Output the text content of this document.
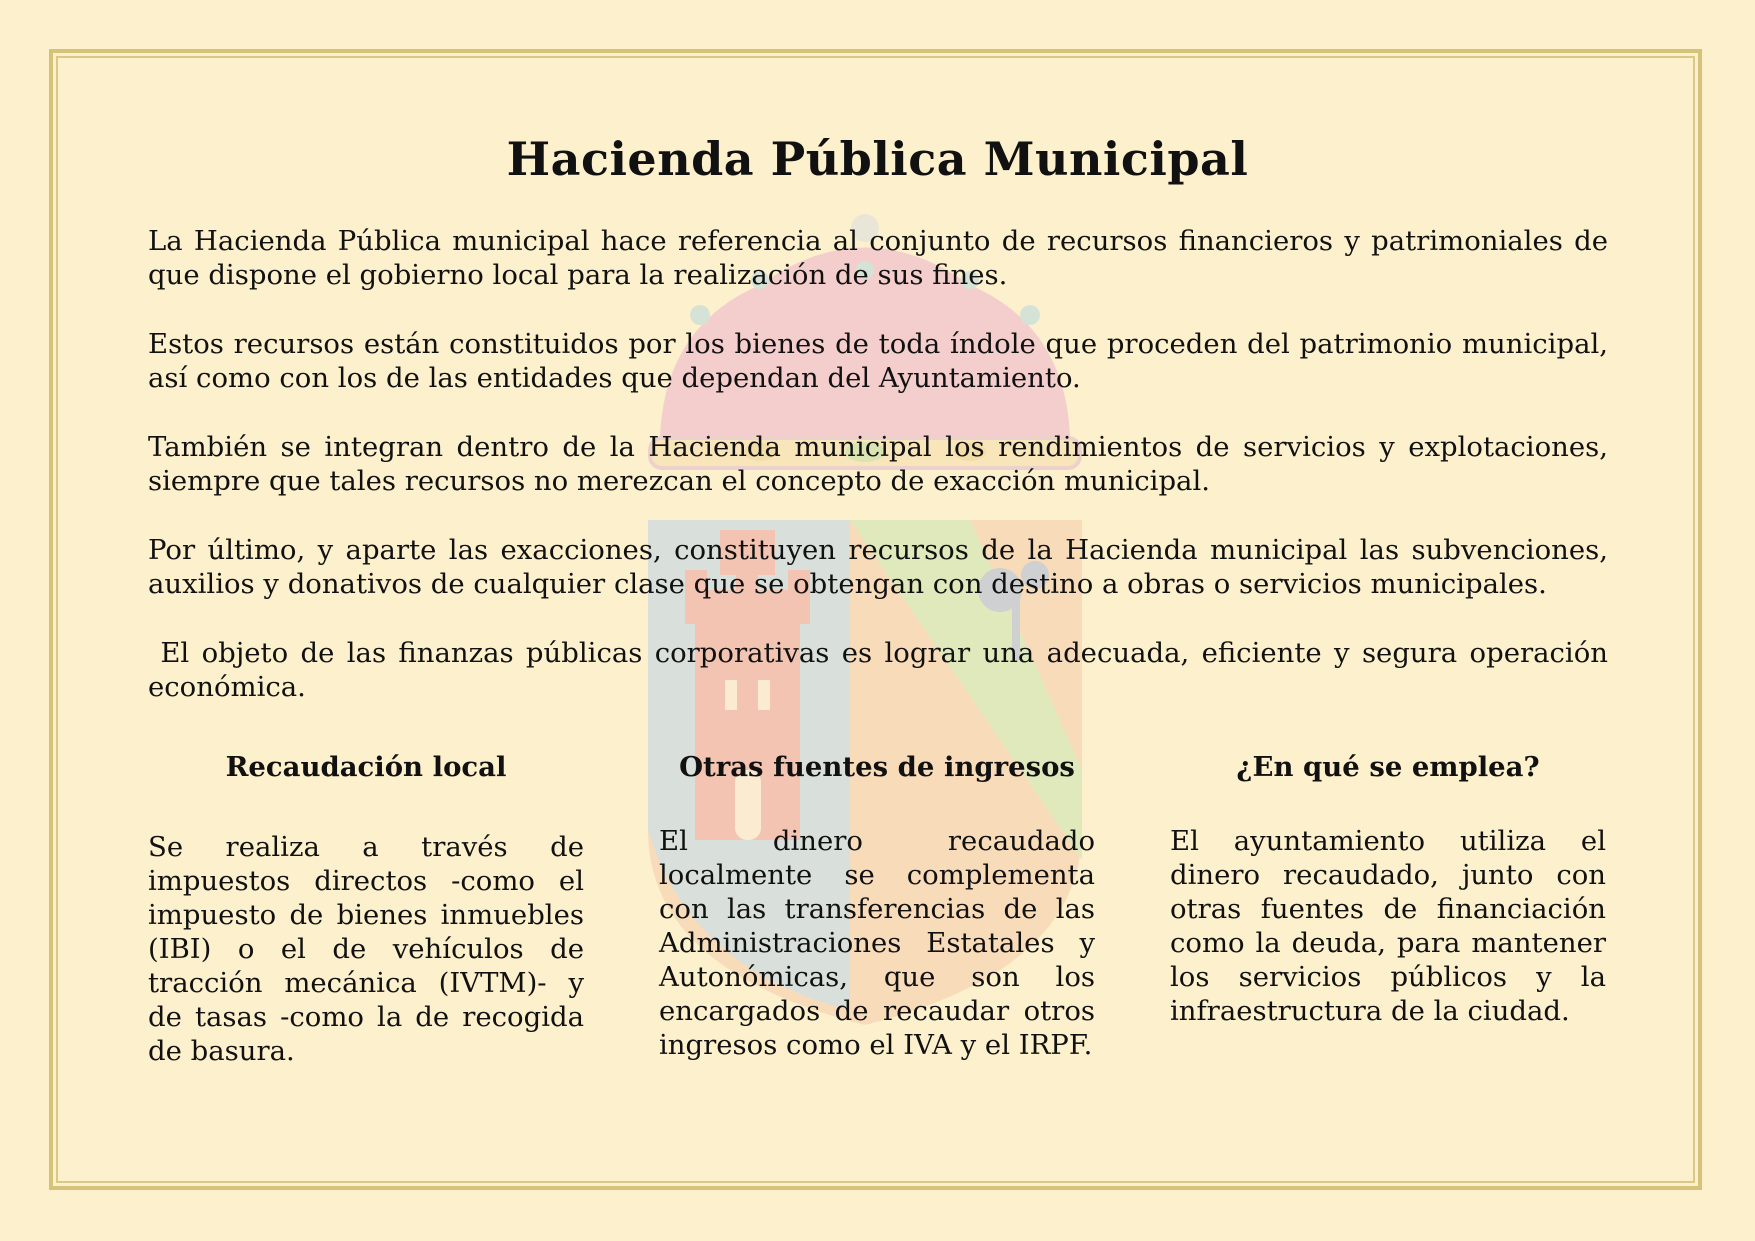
Hacienda Pública Municipal

La Hacienda Pública municipal hace referencia al conjunto de recursos financieros y patrimoniales de que dispone el gobierno local para la realización de sus fines.

Estos recursos están constituidos por los bienes de toda índole que proceden del patrimonio municipal, así como con los de las entidades que dependan del Ayuntamiento.

También se integran dentro de la Hacienda municipal los rendimientos de servicios y explotaciones, siempre que tales recursos no merezcan el concepto de exacción municipal.

Por último, y aparte las exacciones, constituyen recursos de la Hacienda municipal las subvenciones, auxilios y donativos de cualquier clase que se obtengan con destino a obras o servicios municipales.

El objeto de las finanzas públicas corporativas es lograr una adecuada, eficiente y segura operación económica.

Recaudación local

Se realiza a través de impuestos directos -como el impuesto de bienes inmuebles (IBI) o el de vehículos de tracción mecánica (IVTM)- y de tasas -como la de recogida de basura.

Otras fuentes de ingresos

El dinero recaudado localmente se complementa con las transferencias de las Administraciones Estatales y Autonómicas, que son los encargados de recaudar otros ingresos como el IVA y el IRPF.

¿En qué se emplea?

El ayuntamiento utiliza el dinero recaudado, junto con otras fuentes de financiación como la deuda, para mantener los servicios públicos y la infraestructura de la ciudad.
